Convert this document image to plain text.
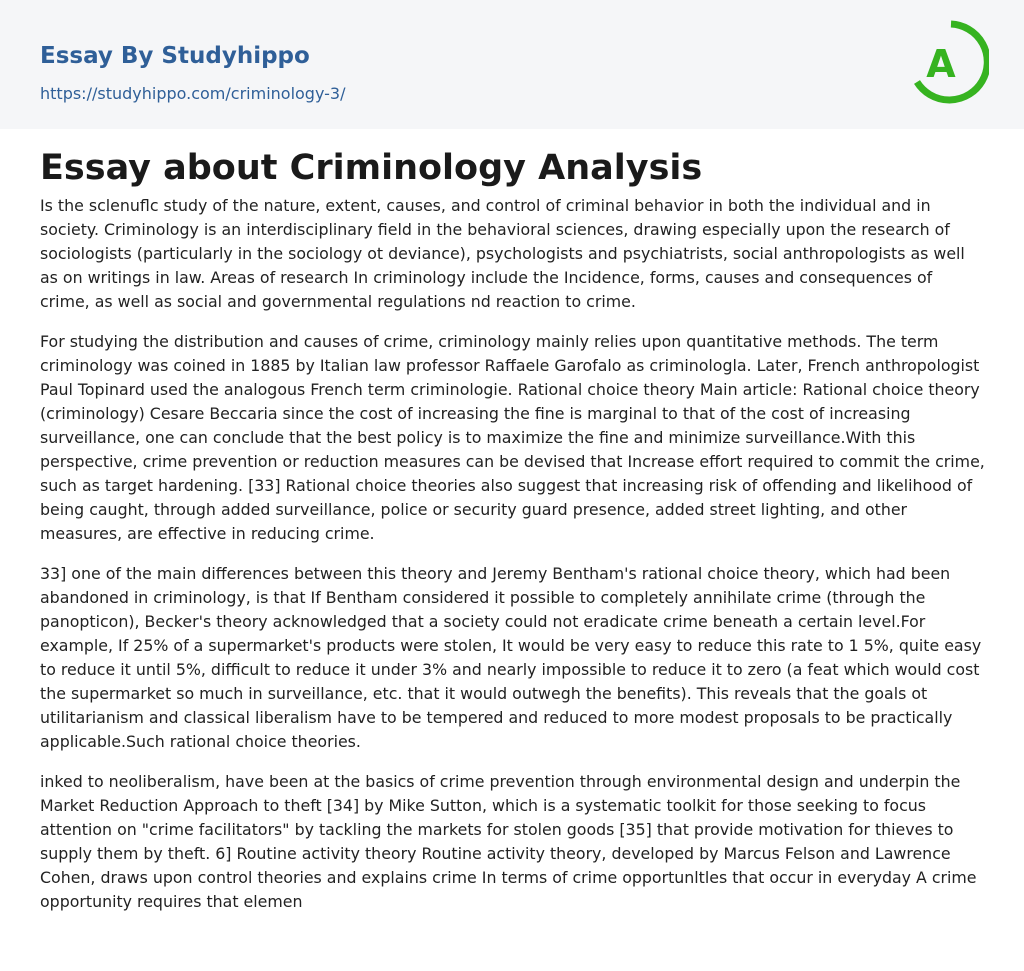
Essay By Studyhippo
https://studyhippo.com/criminology-3/
A
Essay about Criminology Analysis

Is the sclenuflc study of the nature, extent, causes, and control of criminal behavior in both the individual and in society. Criminology is an interdisciplinary field in the behavioral sciences, drawing especially upon the research of sociologists (particularly in the sociology ot deviance), psychologists and psychiatrists, social anthropologists as well as on writings in law. Areas of research In criminology include the Incidence, forms, causes and consequences of crime, as well as social and governmental regulations nd reaction to crime.

For studying the distribution and causes of crime, criminology mainly relies upon quantitative methods. The term criminology was coined in 1885 by Italian law professor Raffaele Garofalo as criminologla. Later, French anthropologist Paul Topinard used the analogous French term criminologie. Rational choice theory Main article: Rational choice theory (criminology) Cesare Beccaria since the cost of increasing the fine is marginal to that of the cost of increasing surveillance, one can conclude that the best policy is to maximize the fine and minimize surveillance.With this perspective, crime prevention or reduction measures can be devised that Increase effort required to commit the crime, such as target hardening. [33] Rational choice theories also suggest that increasing risk of offending and likelihood of being caught, through added surveillance, police or security guard presence, added street lighting, and other measures, are effective in reducing crime.

33] one of the main differences between this theory and Jeremy Bentham's rational choice theory, which had been abandoned in criminology, is that If Bentham considered it possible to completely annihilate crime (through the panopticon), Becker's theory acknowledged that a society could not eradicate crime beneath a certain level.For example, If 25% of a supermarket's products were stolen, It would be very easy to reduce this rate to 1 5%, quite easy to reduce it until 5%, difficult to reduce it under 3% and nearly impossible to reduce it to zero (a feat which would cost the supermarket so much in surveillance, etc. that it would outwegh the benefits). This reveals that the goals ot utilitarianism and classical liberalism have to be tempered and reduced to more modest proposals to be practically applicable.Such rational choice theories.

inked to neoliberalism, have been at the basics of crime prevention through environmental design and underpin the Market Reduction Approach to theft [34] by Mike Sutton, which is a systematic toolkit for those seeking to focus attention on "crime facilitators" by tackling the markets for stolen goods [35] that provide motivation for thieves to supply them by theft. 6] Routine activity theory Routine activity theory, developed by Marcus Felson and Lawrence Cohen, draws upon control theories and explains crime In terms of crime opportunltles that occur in everyday A crime opportunity requires that elemen
